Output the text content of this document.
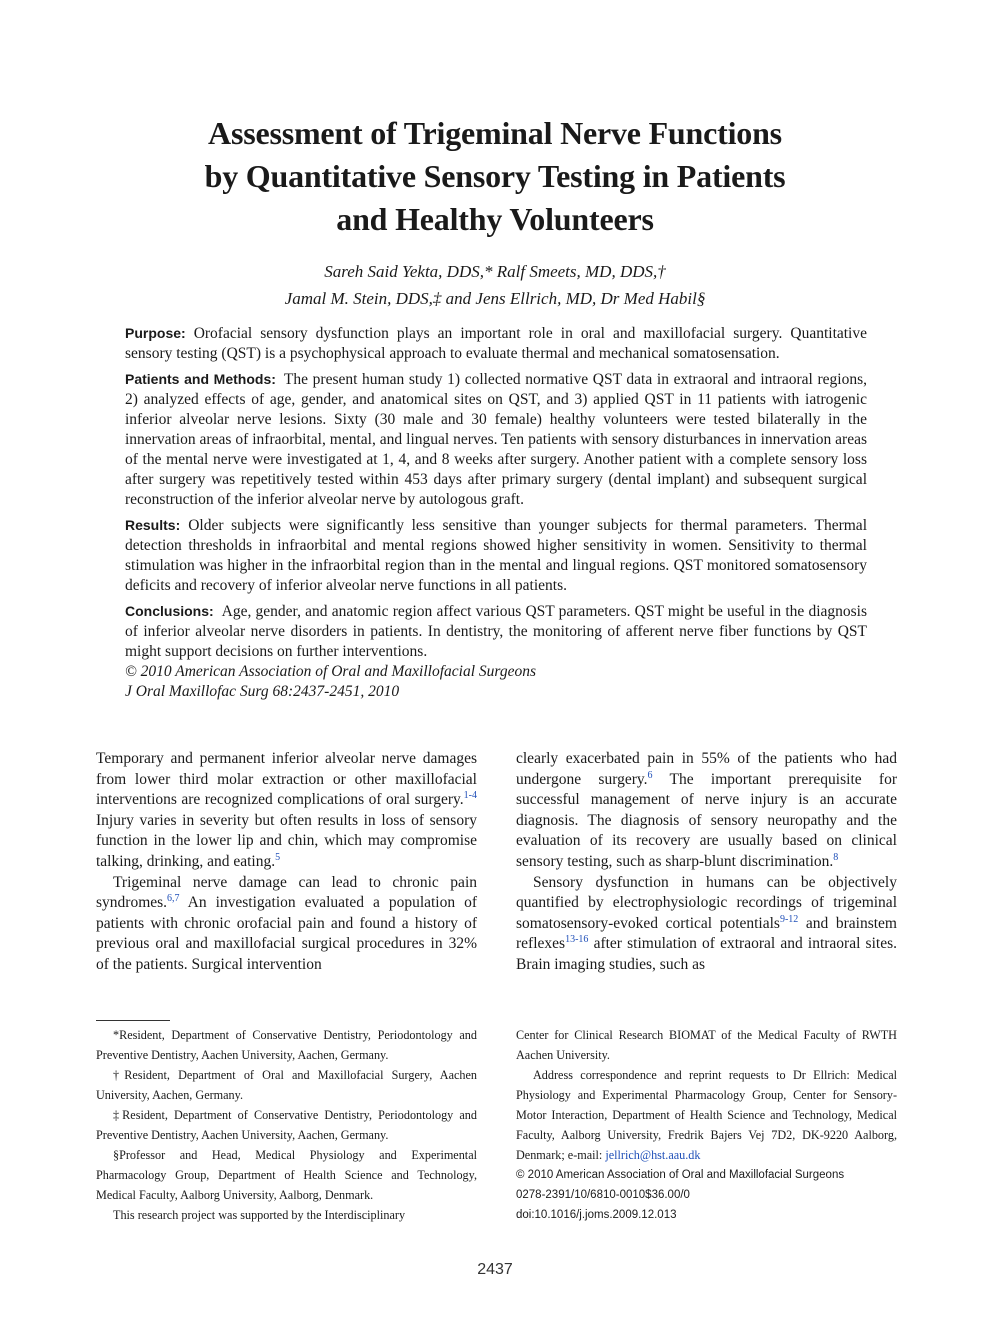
Assessment of Trigeminal Nerve Functions
by Quantitative Sensory Testing in Patients
and Healthy Volunteers
Sareh Said Yekta, DDS,* Ralf Smeets, MD, DDS,†
Jamal M. Stein, DDS,‡ and Jens Ellrich, MD, Dr Med Habil§

Purpose: Orofacial sensory dysfunction plays an important role in oral and maxillofacial surgery. Quantitative sensory testing (QST) is a psychophysical approach to evaluate thermal and mechanical somatosensation.

Patients and Methods: The present human study 1) collected normative QST data in extraoral and intraoral regions, 2) analyzed effects of age, gender, and anatomical sites on QST, and 3) applied QST in 11 patients with iatrogenic inferior alveolar nerve lesions. Sixty (30 male and 30 female) healthy volunteers were tested bilaterally in the innervation areas of infraorbital, mental, and lingual nerves. Ten patients with sensory disturbances in innervation areas of the mental nerve were investigated at 1, 4, and 8 weeks after surgery. Another patient with a complete sensory loss after surgery was repetitively tested within 453 days after primary surgery (dental implant) and subsequent surgical reconstruction of the inferior alveolar nerve by autologous graft.

Results: Older subjects were significantly less sensitive than younger subjects for thermal parameters. Thermal detection thresholds in infraorbital and mental regions showed higher sensitivity in women. Sensitivity to thermal stimulation was higher in the infraorbital region than in the mental and lingual regions. QST monitored somatosensory deficits and recovery of inferior alveolar nerve functions in all patients.

Conclusions: Age, gender, and anatomic region affect various QST parameters. QST might be useful in the diagnosis of inferior alveolar nerve disorders in patients. In dentistry, the monitoring of afferent nerve fiber functions by QST might support decisions on further interventions.

© 2010 American Association of Oral and Maxillofacial Surgeons
J Oral Maxillofac Surg 68:2437-2451, 2010

Temporary and permanent inferior alveolar nerve damages from lower third molar extraction or other maxillofacial interventions are recognized complications of oral surgery.$^{1-4}$ Injury varies in severity but often results in loss of sensory function in the lower lip and chin, which may compromise talking, drinking, and eating.$^5$

Trigeminal nerve damage can lead to chronic pain syndromes.$^{6,7}$ An investigation evaluated a population of patients with chronic orofacial pain and found a history of previous oral and maxillofacial surgical procedures in 32% of the patients. Surgical intervention

clearly exacerbated pain in 55% of the patients who had undergone surgery.$^6$ The important prerequisite for successful management of nerve injury is an accurate diagnosis. The diagnosis of sensory neuropathy and the evaluation of its recovery are usually based on clinical sensory testing, such as sharp-blunt discrimination.$^8$

Sensory dysfunction in humans can be objectively quantified by electrophysiologic recordings of trigeminal somatosensory-evoked cortical potentials$^{9-12}$ and brainstem reflexes$^{13-16}$ after stimulation of extraoral and intraoral sites. Brain imaging studies, such as

*Resident, Department of Conservative Dentistry, Periodontology and Preventive Dentistry, Aachen University, Aachen, Germany.

†Resident, Department of Oral and Maxillofacial Surgery, Aachen University, Aachen, Germany.

‡Resident, Department of Conservative Dentistry, Periodontology and Preventive Dentistry, Aachen University, Aachen, Germany.

§Professor and Head, Medical Physiology and Experimental Pharmacology Group, Department of Health Science and Technology, Medical Faculty, Aalborg University, Aalborg, Denmark.

This research project was supported by the Interdisciplinary

Center for Clinical Research BIOMAT of the Medical Faculty of RWTH Aachen University.

Address correspondence and reprint requests to Dr Ellrich: Medical Physiology and Experimental Pharmacology Group, Center for Sensory-Motor Interaction, Department of Health Science and Technology, Medical Faculty, Aalborg University, Fredrik Bajers Vej 7D2, DK-9220 Aalborg, Denmark; e-mail: jellrich@hst.aau.dk

© 2010 American Association of Oral and Maxillofacial Surgeons

0278-2391/10/6810-0010$36.00/0

doi:10.1016/j.joms.2009.12.013

2437
